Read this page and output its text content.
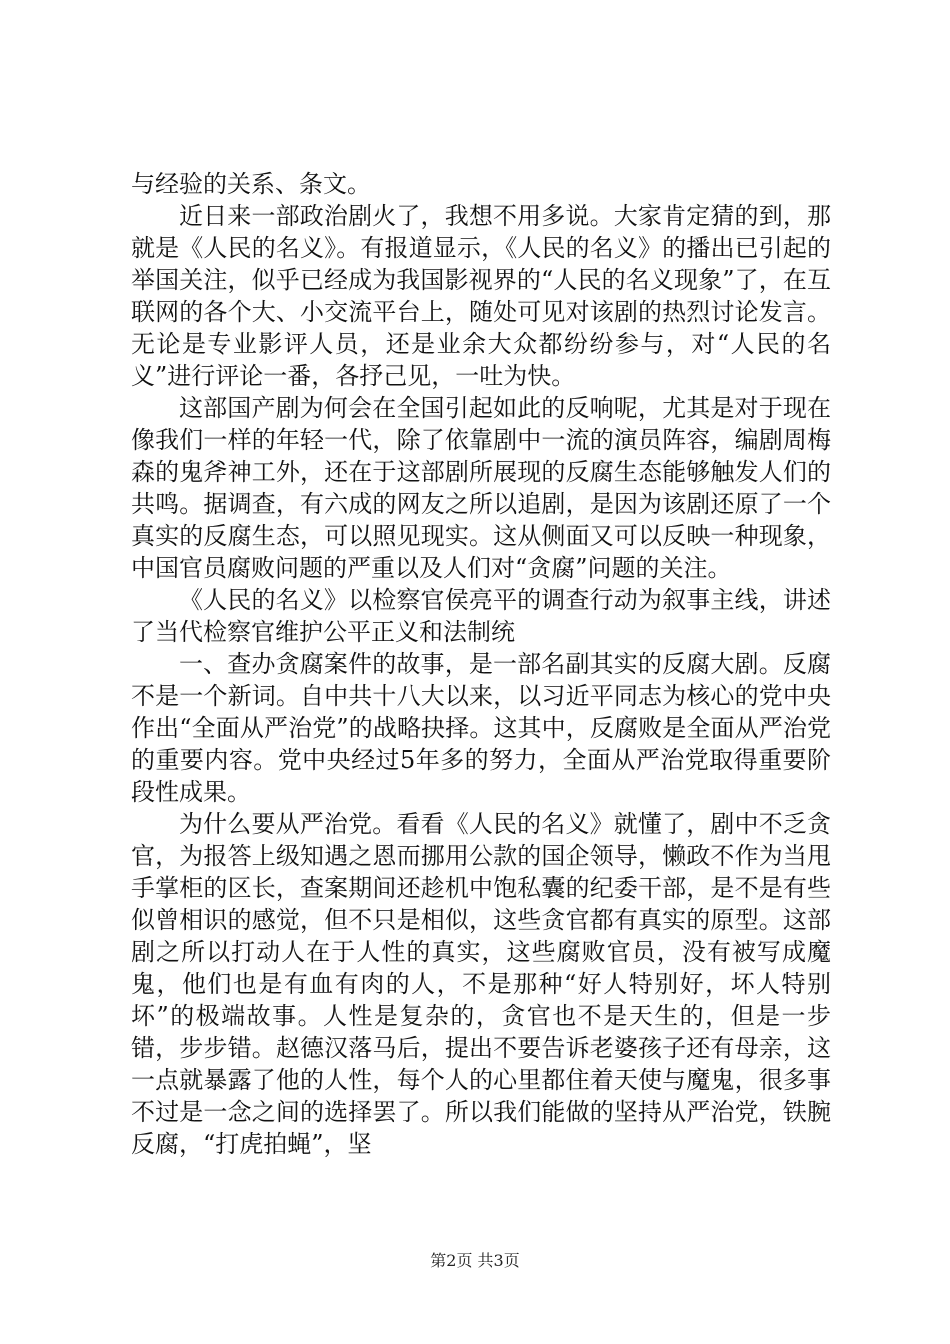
与经验的关系、条文。

近日来一部政治剧火了，我想不用多说。大家肯定猜的到，那就是《人民的名义》。有报道显示，《人民的名义》的播出已引起的举国关注，似乎已经成为我国影视界的“人民的名义现象”了，在互联网的各个大、小交流平台上，随处可见对该剧的热烈讨论发言。无论是专业影评人员，还是业余大众都纷纷参与，对“人民的名义”进行评论一番，各抒己见，一吐为快。

这部国产剧为何会在全国引起如此的反响呢，尤其是对于现在像我们一样的年轻一代，除了依靠剧中一流的演员阵容，编剧周梅森的鬼斧神工外，还在于这部剧所展现的反腐生态能够触发人们的共鸣。据调查，有六成的网友之所以追剧，是因为该剧还原了一个真实的反腐生态，可以照见现实。这从侧面又可以反映一种现象，中国官员腐败问题的严重以及人们对“贪腐”问题的关注。

《人民的名义》以检察官侯亮平的调查行动为叙事主线，讲述了当代检察官维护公平正义和法制统

一、查办贪腐案件的故事，是一部名副其实的反腐大剧。反腐不是一个新词。自中共十八大以来，以习近平同志为核心的党中央作出“全面从严治党”的战略抉择。这其中，反腐败是全面从严治党的重要内容。党中央经过5年多的努力，全面从严治党取得重要阶段性成果。

为什么要从严治党。看看《人民的名义》就懂了，剧中不乏贪官，为报答上级知遇之恩而挪用公款的国企领导，懒政不作为当甩手掌柜的区长，查案期间还趁机中饱私囊的纪委干部，是不是有些似曾相识的感觉，但不只是相似，这些贪官都有真实的原型。这部剧之所以打动人在于人性的真实，这些腐败官员，没有被写成魔鬼，他们也是有血有肉的人，不是那种“好人特别好，坏人特别坏”的极端故事。人性是复杂的，贪官也不是天生的，但是一步错，步步错。赵德汉落马后，提出不要告诉老婆孩子还有母亲，这一点就暴露了他的人性，每个人的心里都住着天使与魔鬼，很多事不过是一念之间的选择罢了。所以我们能做的坚持从严治党，铁腕反腐，“打虎拍蝇”，坚

第2页 共3页
